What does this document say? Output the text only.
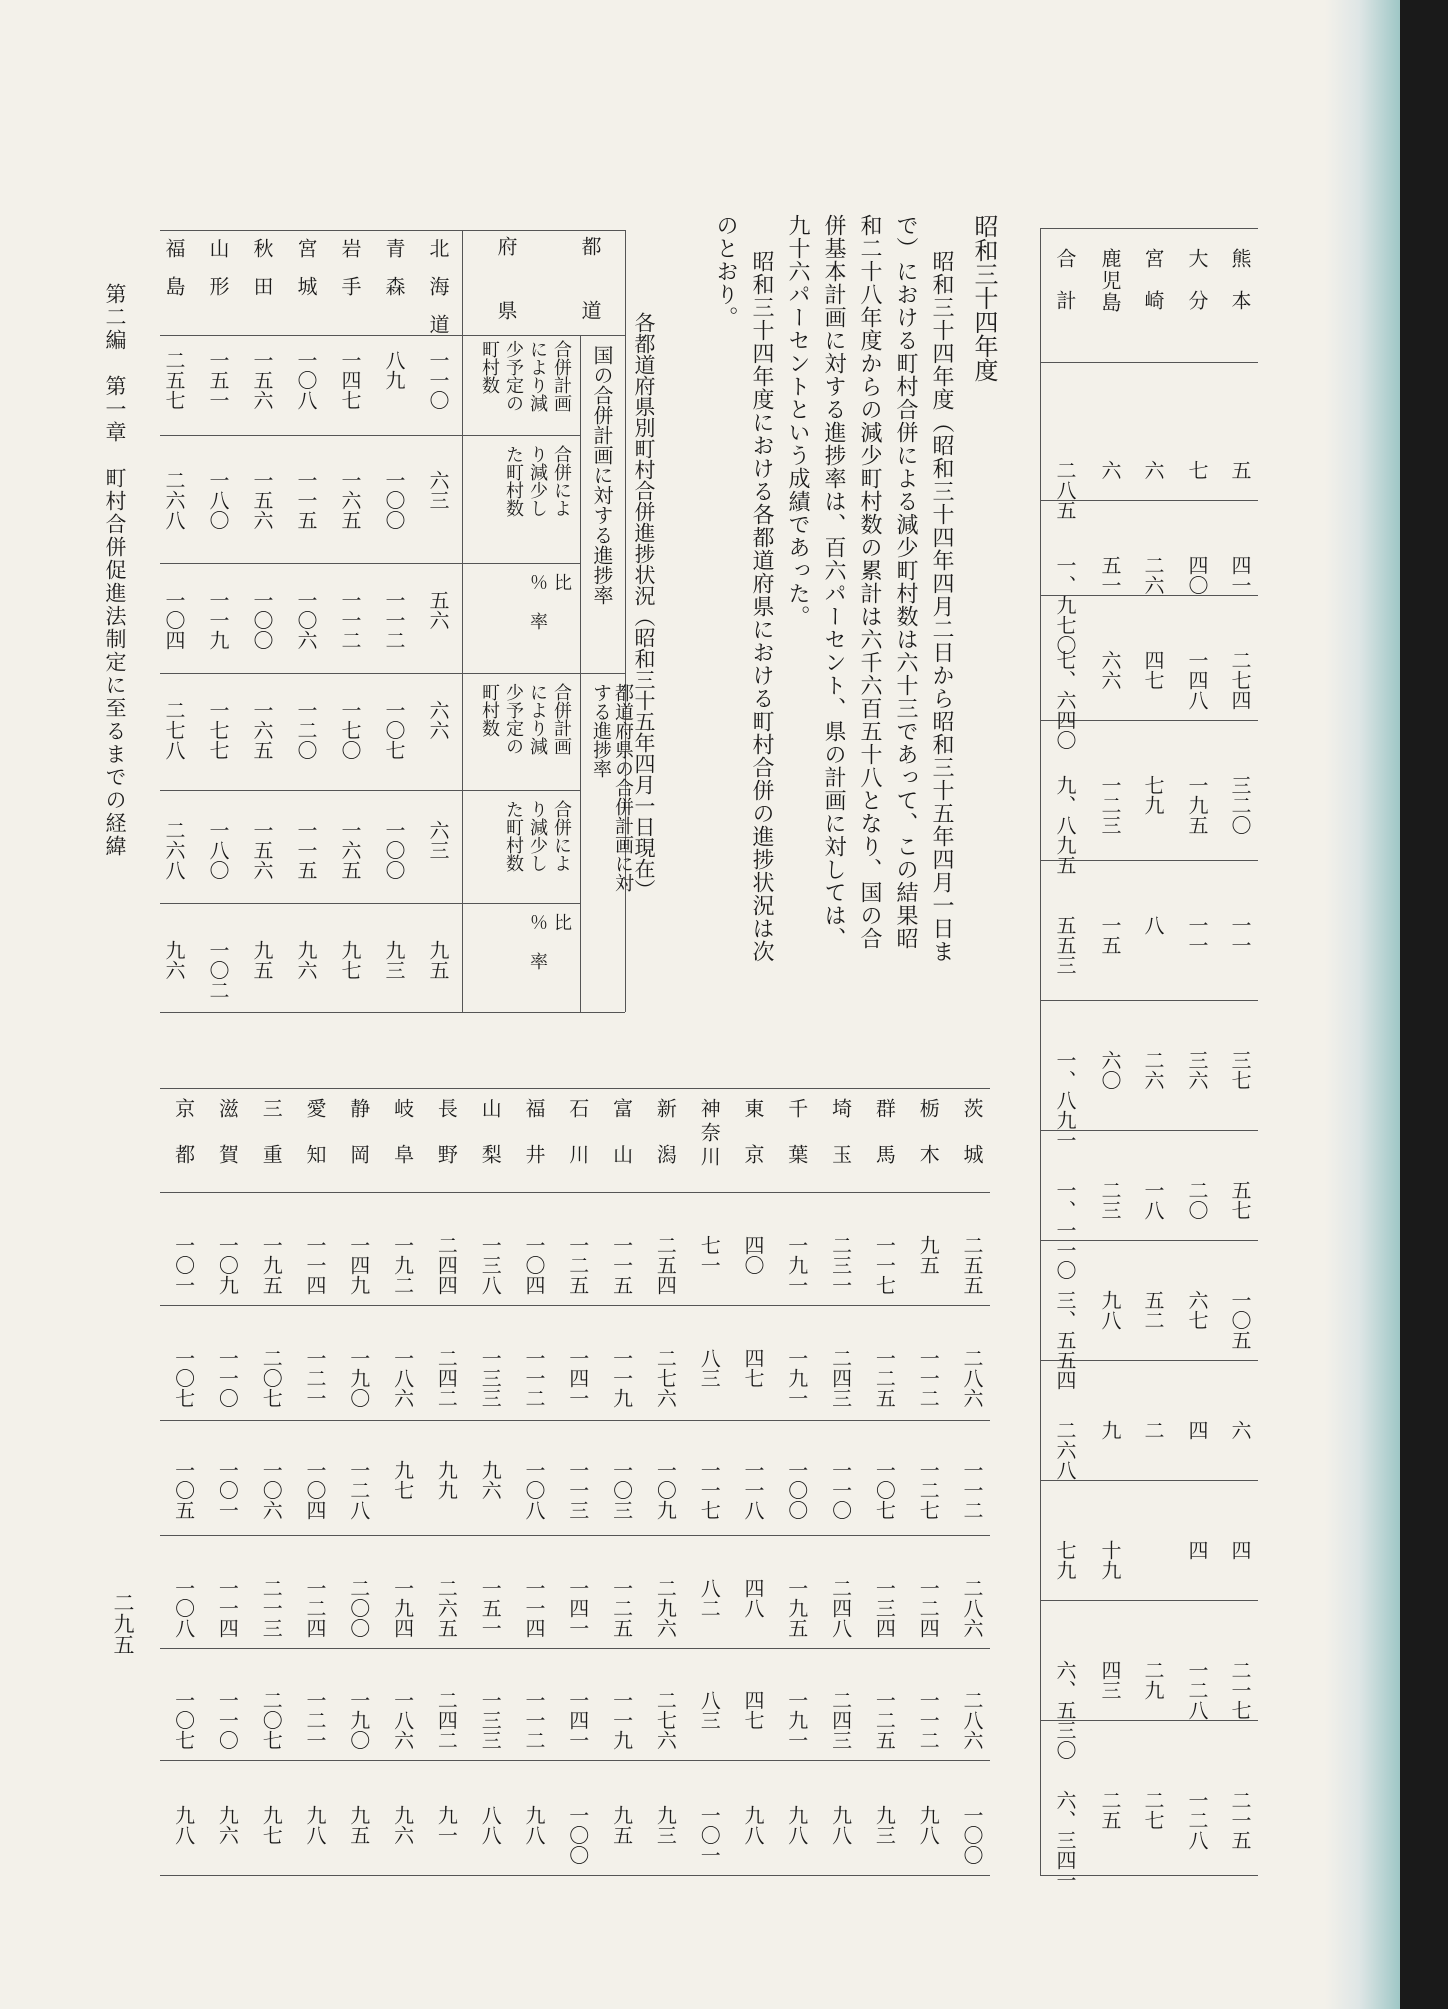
第二編　第一章　町村合併促進法制定に至るまでの経緯
二九五
昭和三十四年度
各都道府県別町村合併進捗状況（昭和三十五年四月一日現在）	昭和三十四年度（昭和三十四年四月二日から昭和三十五年四月一日ま
で）における町村合併による減少町村数は六十三であって、この結果昭
和二十八年度からの減少町村数の累計は六千六百五十八となり、国の合
併基本計画に対する進捗率は、百六パーセント、県の計画に対しては、
九十六パーセントという成績であった。
昭和三十四年度における各都道府県における町村合併の進捗状況は次
のとおり。
都
道
府
県
国の合併計画に対する進捗率
都道府県の合併計画に対する進捗率
合併計画
により減
少予定の
町村数
合併によ
り減少し
た町村数
比
％ 率
合併計画
により減
少予定の
町村数
合併によ
り減少し
た町村数
比
％ 率
北海道
一一〇
六三
五六
六六
六三
九五
青森
八九
一〇〇
一一二
一〇七
一〇〇
九三
岩手
一四七
一六五
一一二
一七〇
一六五
九七
宮城
一〇八
一一五
一〇六
一二〇
一一五
九六
秋田
一五六
一五六
一〇〇
一六五
一五六
九五
山形
一五一
一八〇
一一九
一七七
一八〇
一〇二
福島
二五七
二六八
一〇四
二七八
二六八
九六
茨城
二五五
二八六
一一二
二八六
二八六
一〇〇
栃木
九五
一一二
一二七
一二四
一一二
九八
群馬
一一七
一二五
一〇七
一三四
一二五
九三
埼玉
二三一
二四三
一一〇
二四八
二四三
九八
千葉
一九一
一九一
一〇〇
一九五
一九一
九八
東京
四〇
四七
一一八
四八
四七
九八
神奈川
七一
八三
一一七
八二
八三
一〇一
新潟
二五四
二七六
一〇九
二九六
二七六
九三
富山
一一五
一一九
一〇三
一二五
一一九
九五
石川
一二五
一四一
一一三
一四一
一四一
一〇〇
福井
一〇四
一一二
一〇八
一一四
一一二
九八
山梨
一三八
一三三
九六
一五一
一三三
八八
長野
二四四
二四二
九九
二六五
二四二
九一
岐阜
一九二
一八六
九七
一九四
一八六
九六
静岡
一四九
一九〇
一二八
二〇〇
一九〇
九五
愛知
一一四
一二一
一〇四
一二四
一二一
九八
三重
一九五
二〇七
一〇六
二一三
二〇七
九七
滋賀
一〇九
一一〇
一〇一
一一四
一一〇
九六
京都
一〇一
一〇七
一〇五
一〇八
一〇七
九八
熊本
五
四一
二七四
三二〇
一一
三七
大分
七
四〇
一四八
一九五
一一
三六
宮崎
六
二六
四七
七九
八
二六
鹿児島
六
五一
六六
一二三
一五
六〇
合計
二八五
一、九七〇
七、六四〇
九、八九五
五五三
一、八九一
五七
一〇五
六
四
二一七
二一五
二〇
六七
四
四
一二八
一二八
一八
五二
二
二九
二七
二三
九八
九
十九
四三
二五
一、一一〇
三、五五四
二六八
七九
六、五三〇
六、三四一
